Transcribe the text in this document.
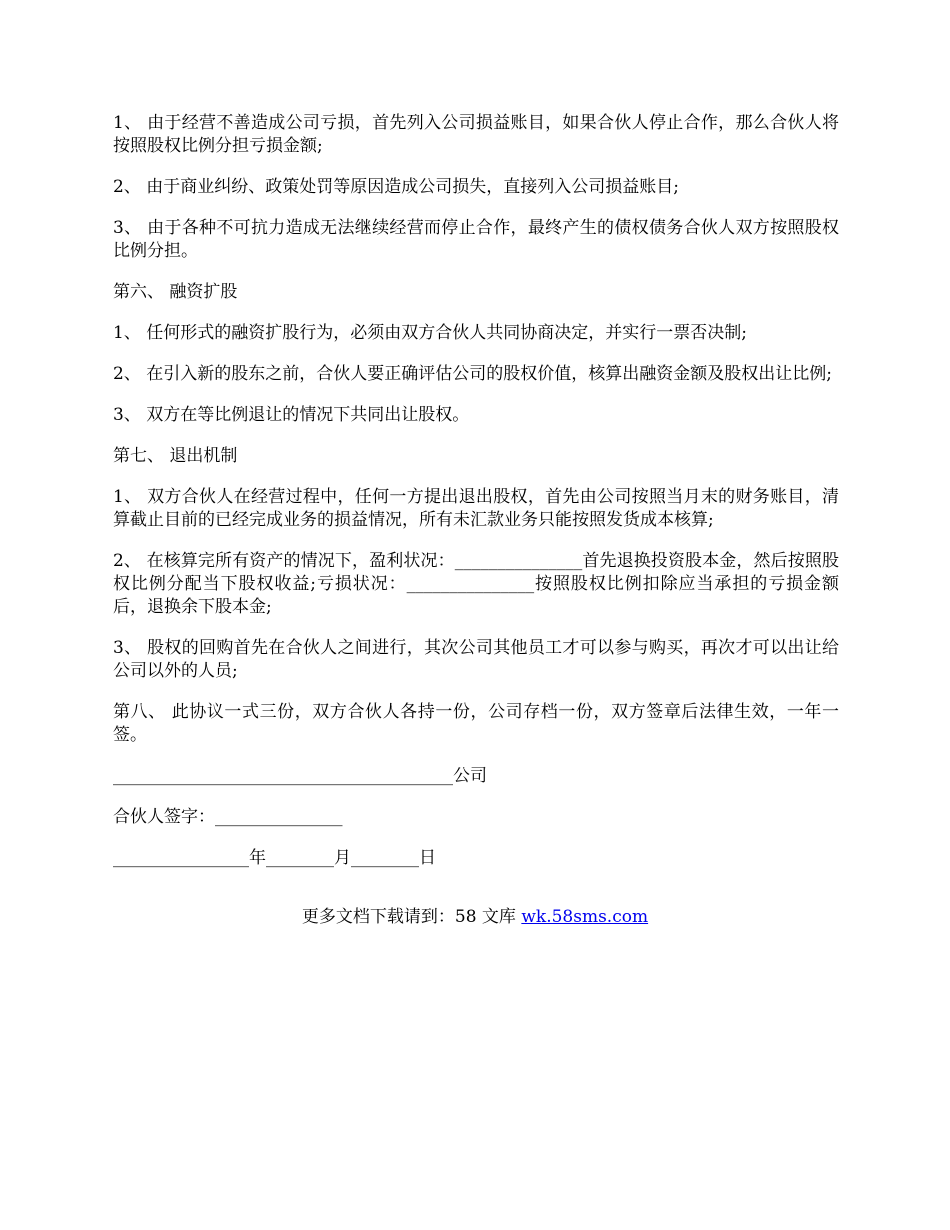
1、 由于经营不善造成公司亏损，首先列入公司损益账目，如果合伙人停止合作，那么合伙人将按照股权比例分担亏损金额;

2、 由于商业纠纷、政策处罚等原因造成公司损失，直接列入公司损益账目;

3、 由于各种不可抗力造成无法继续经营而停止合作，最终产生的债权债务合伙人双方按照股权比例分担。

第六、 融资扩股

1、 任何形式的融资扩股行为，必须由双方合伙人共同协商决定，并实行一票否决制;

2、 在引入新的股东之前，合伙人要正确评估公司的股权价值，核算出融资金额及股权出让比例;

3、 双方在等比例退让的情况下共同出让股权。

第七、 退出机制

1、 双方合伙人在经营过程中，任何一方提出退出股权，首先由公司按照当月末的财务账目，清算截止目前的已经完成业务的损益情况，所有未汇款业务只能按照发货成本核算;

2、 在核算完所有资产的情况下，盈利状况：_______________首先退换投资股本金，然后按照股权比例分配当下股权收益;亏损状况：_______________按照股权比例扣除应当承担的亏损金额后，退换余下股本金;

3、 股权的回购首先在合伙人之间进行，其次公司其他员工才可以参与购买，再次才可以出让给公司以外的人员;

第八、 此协议一式三份，双方合伙人各持一份，公司存档一份，双方签章后法律生效，一年一签。

________________________________________公司

合伙人签字：_______________

________________年________月________日

更多文档下载请到：58 文库 wk.58sms.com
